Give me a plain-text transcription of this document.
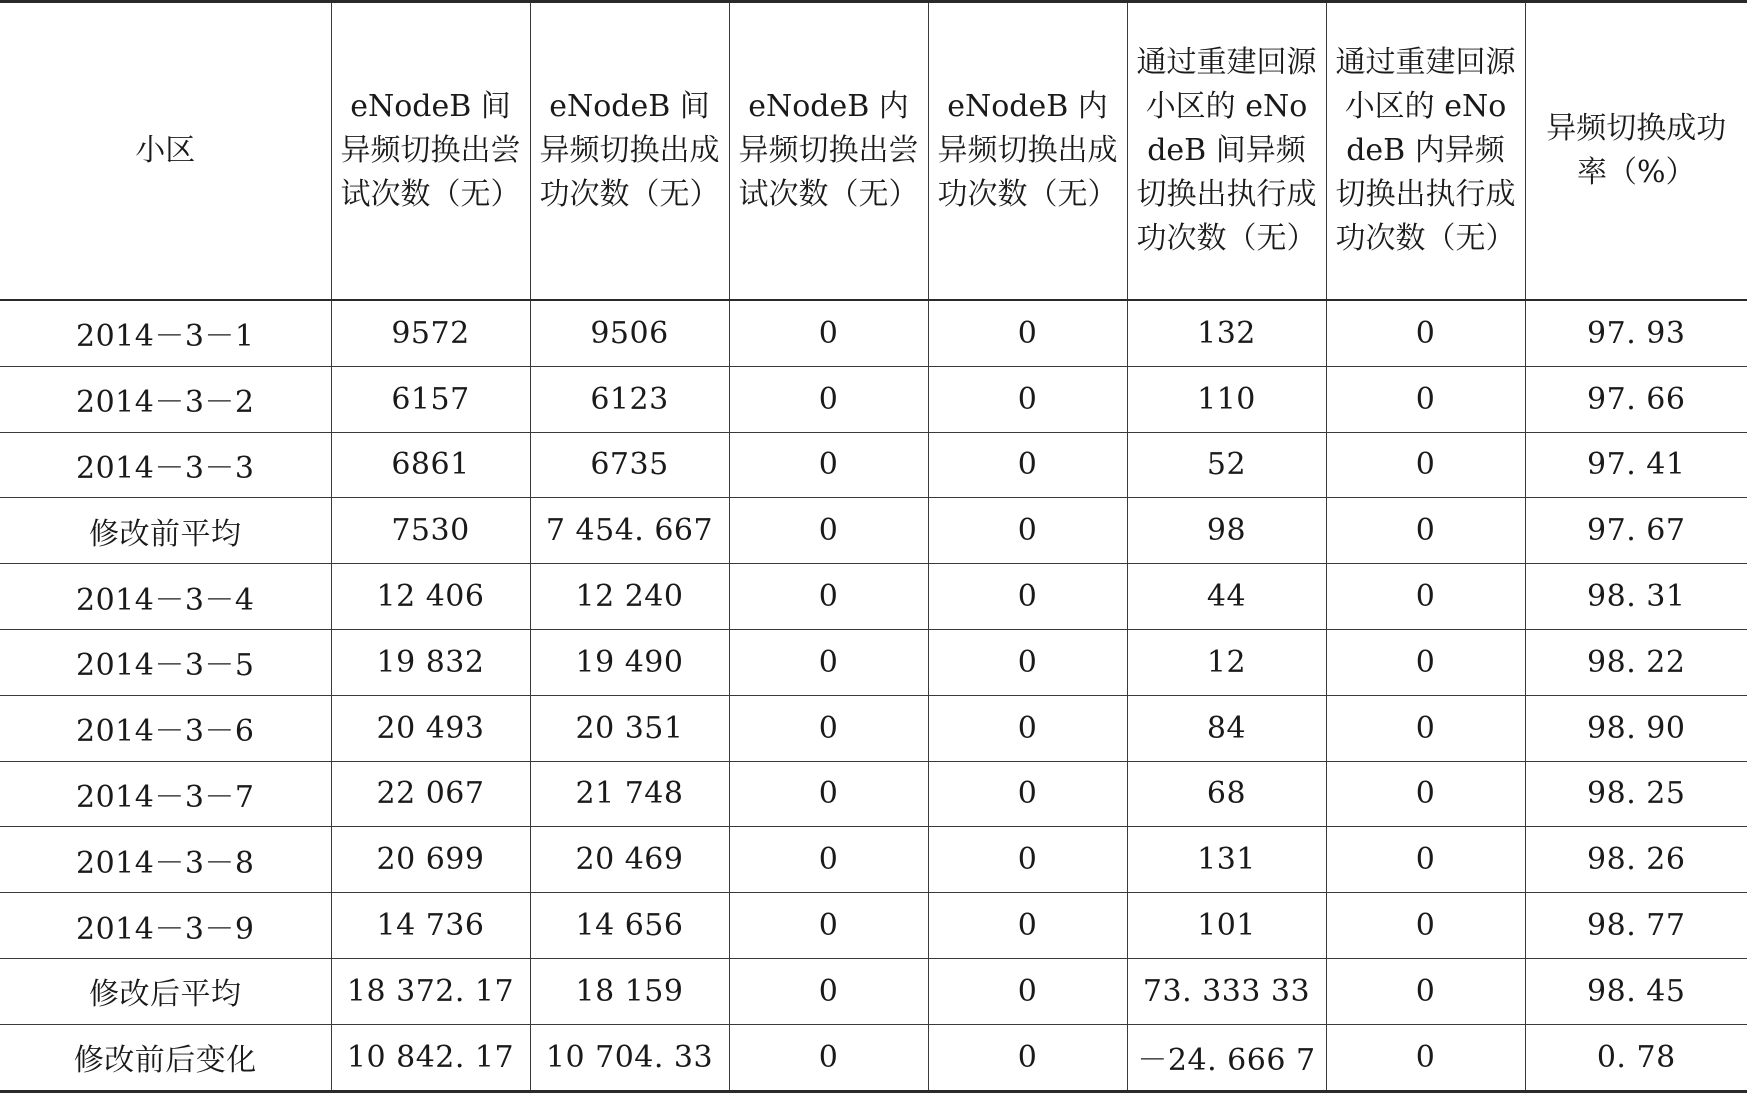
小区	eNodeB 间异频切换出尝试次数（无）	eNodeB 间异频切换出成功次数（无）	eNodeB 内异频切换出尝试次数（无）	eNodeB 内异频切换出成功次数（无）	通过重建回源小区的 eNodeB 间异频切换出执行成功次数（无）	通过重建回源小区的 eNodeB 内异频切换出执行成功次数（无）	异频切换成功率（%）
2014－3－1	9572	9506	0	0	132	0	97. 93
2014－3－2	6157	6123	0	0	110	0	97. 66
2014－3－3	6861	6735	0	0	52	0	97. 41
修改前平均	7530	7 454. 667	0	0	98	0	97. 67
2014－3－4	12 406	12 240	0	0	44	0	98. 31
2014－3－5	19 832	19 490	0	0	12	0	98. 22
2014－3－6	20 493	20 351	0	0	84	0	98. 90
2014－3－7	22 067	21 748	0	0	68	0	98. 25
2014－3－8	20 699	20 469	0	0	131	0	98. 26
2014－3－9	14 736	14 656	0	0	101	0	98. 77
修改后平均	18 372. 17	18 159	0	0	73. 333 33	0	98. 45
修改前后变化	10 842. 17	10 704. 33	0	0	－24. 666 7	0	0. 78
